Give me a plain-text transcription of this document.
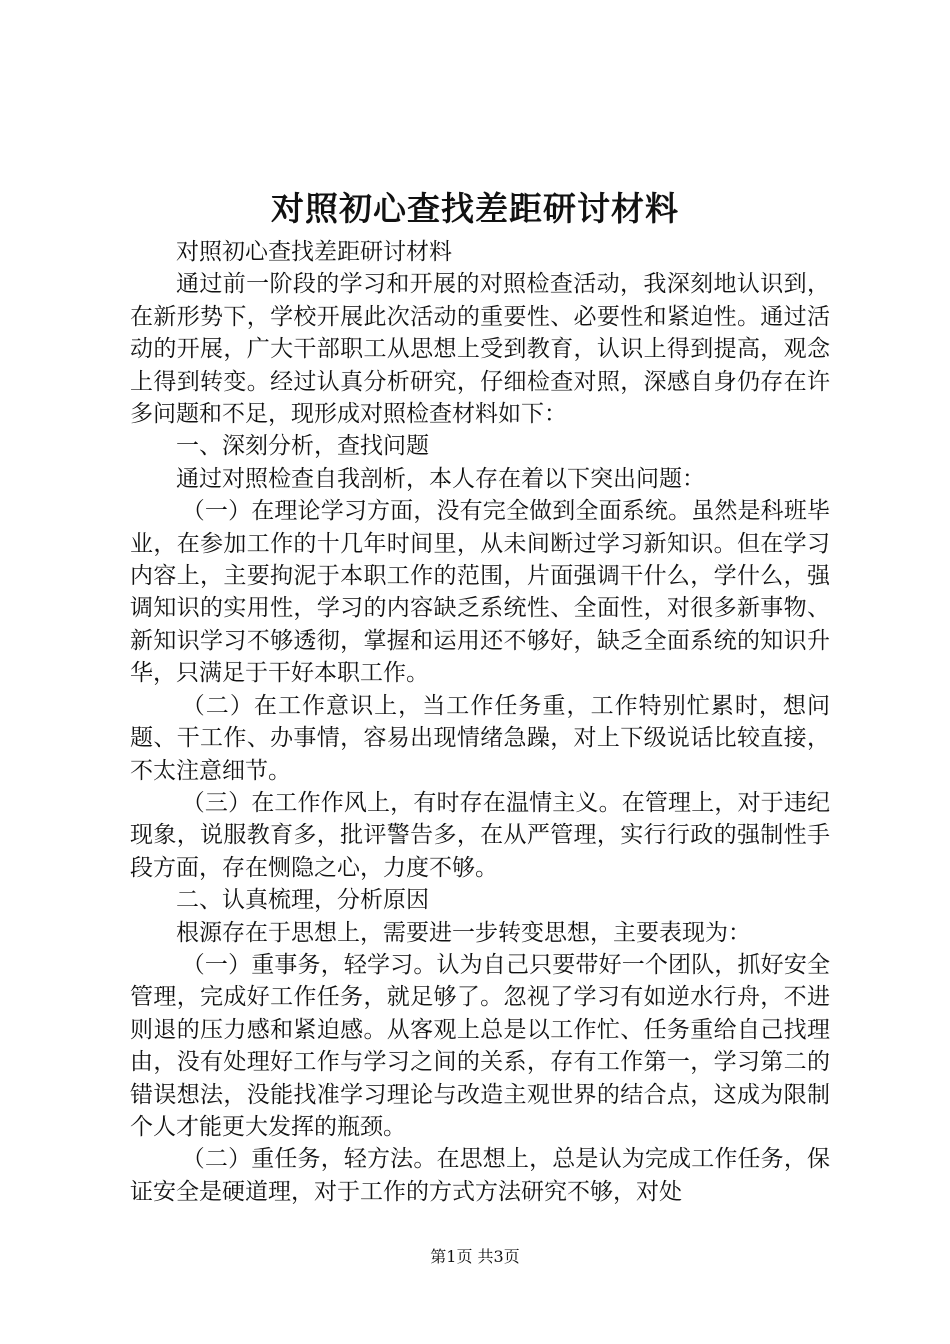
对照初心查找差距研讨材料

对照初心查找差距研讨材料

通过前一阶段的学习和开展的对照检查活动，我深刻地认识到，在新形势下，学校开展此次活动的重要性、必要性和紧迫性。通过活动的开展，广大干部职工从思想上受到教育，认识上得到提高，观念上得到转变。经过认真分析研究，仔细检查对照，深感自身仍存在许多问题和不足，现形成对照检查材料如下：

一、深刻分析，查找问题

通过对照检查自我剖析，本人存在着以下突出问题：

（一）在理论学习方面，没有完全做到全面系统。虽然是科班毕业，在参加工作的十几年时间里，从未间断过学习新知识。但在学习内容上，主要拘泥于本职工作的范围，片面强调干什么，学什么，强调知识的实用性，学习的内容缺乏系统性、全面性，对很多新事物、新知识学习不够透彻，掌握和运用还不够好，缺乏全面系统的知识升华，只满足于干好本职工作。

（二）在工作意识上，当工作任务重，工作特别忙累时，想问题、干工作、办事情，容易出现情绪急躁，对上下级说话比较直接，不太注意细节。

（三）在工作作风上，有时存在温情主义。在管理上，对于违纪现象，说服教育多，批评警告多，在从严管理，实行行政的强制性手段方面，存在恻隐之心，力度不够。

二、认真梳理，分析原因

根源存在于思想上，需要进一步转变思想，主要表现为：

（一）重事务，轻学习。认为自己只要带好一个团队，抓好安全管理，完成好工作任务，就足够了。忽视了学习有如逆水行舟，不进则退的压力感和紧迫感。从客观上总是以工作忙、任务重给自己找理由，没有处理好工作与学习之间的关系，存有工作第一，学习第二的错误想法，没能找准学习理论与改造主观世界的结合点，这成为限制个人才能更大发挥的瓶颈。

（二）重任务，轻方法。在思想上，总是认为完成工作任务，保证安全是硬道理，对于工作的方式方法研究不够，对处

第1页 共3页
